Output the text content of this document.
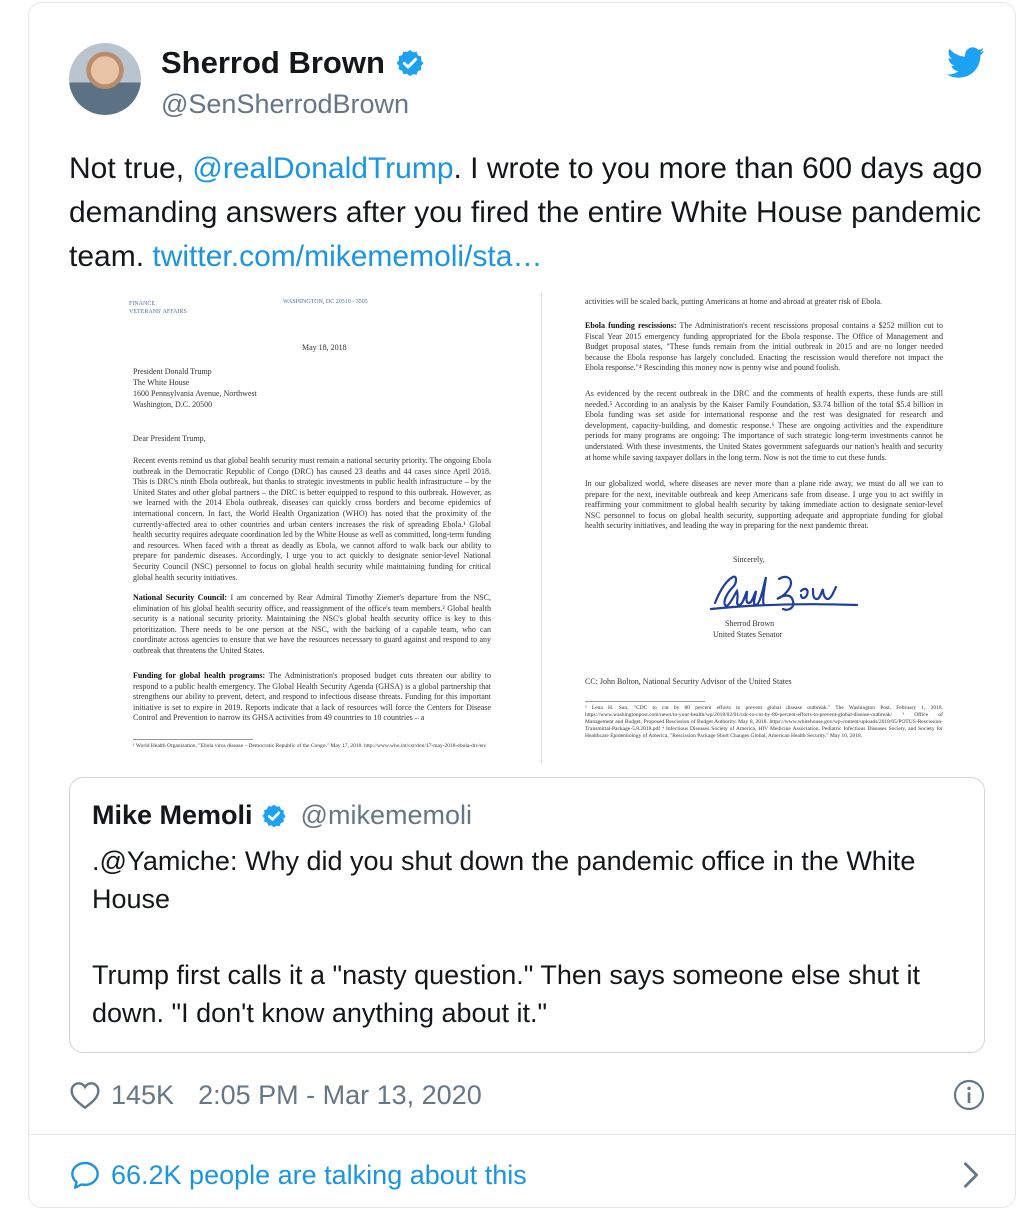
Sherrod Brown
@SenSherrodBrown
Not true, @realDonaldTrump. I wrote to you more than 600 days ago demanding answers after you fired the entire White House pandemic team. twitter.com/mikememoli/sta…
FINANCE
VETERANS' AFFAIRS
WASHINGTON, DC 20510 - 3505
May 18, 2018
President Donald Trump
The White House
1600 Pennsylvania Avenue, Northwest
Washington, D.C. 20500
Dear President Trump,
Recent events remind us that global health security must remain a national security priority. The ongoing Ebola outbreak in the Democratic Republic of Congo (DRC) has caused 23 deaths and 44 cases since April 2018. This is DRC's ninth Ebola outbreak, but thanks to strategic investments in public health infrastructure – by the United States and other global partners – the DRC is better equipped to respond to this outbreak. However, as we learned with the 2014 Ebola outbreak, diseases can quickly cross borders and become epidemics of international concern. In fact, the World Health Organization (WHO) has noted that the proximity of the currently-affected area to other countries and urban centers increases the risk of spreading Ebola.¹ Global health security requires adequate coordination led by the White House as well as committed, long-term funding and resources. When faced with a threat as deadly as Ebola, we cannot afford to walk back our ability to prepare for pandemic diseases. Accordingly, I urge you to act quickly to designate senior-level National Security Council (NSC) personnel to focus on global health security while maintaining funding for critical global health security initiatives.
National Security Council: I am concerned by Rear Admiral Timothy Ziemer's departure from the NSC, elimination of his global health security office, and reassignment of the office's team members.² Global health security is a national security priority. Maintaining the NSC's global health security office is key to this prioritization. There needs to be one person at the NSC, with the backing of a capable team, who can coordinate across agencies to ensure that we have the resources necessary to guard against and respond to any outbreak that threatens the United States.
Funding for global health programs: The Administration's proposed budget cuts threaten our ability to respond to a public health emergency. The Global Health Security Agenda (GHSA) is a global partnership that strengthens our ability to prevent, detect, and respond to infectious disease threats. Funding for this important initiative is set to expire in 2019. Reports indicate that a lack of resources will force the Centers for Disease Control and Prevention to narrow its GHSA activities from 49 countries to 10 countries – a
¹ World Health Organization, "Ebola virus disease – Democratic Republic of the Congo." May 17, 2018. http://www.who.int/csr/don/17-may-2018-ebola-drc/en/
activities will be scaled back, putting Americans at home and abroad at greater risk of Ebola.
Ebola funding rescissions: The Administration's recent rescissions proposal contains a $252 million cut to Fiscal Year 2015 emergency funding appropriated for the Ebola response. The Office of Management and Budget proposal states, "These funds remain from the initial outbreak in 2015 and are no longer needed because the Ebola response has largely concluded. Enacting the rescission would therefore not impact the Ebola response."⁴ Rescinding this money now is penny wise and pound foolish.
As evidenced by the recent outbreak in the DRC and the comments of health experts, these funds are still needed.⁵ According to an analysis by the Kaiser Family Foundation, $3.74 billion of the total $5.4 billion in Ebola funding was set aside for international response and the rest was designated for research and development, capacity-building, and domestic response.⁶ These are ongoing activities and the expenditure periods for many programs are ongoing: The importance of such strategic long-term investments cannot be understated. With these investments, the United States government safeguards our nation's health and security at home while saving taxpayer dollars in the long term. Now is not the time to cut these funds.
In our globalized world, where diseases are never more than a plane ride away, we must do all we can to prepare for the next, inevitable outbreak and keep Americans safe from disease. I urge you to act swiftly in reaffirming your commitment to global health security by taking immediate action to designate senior-level NSC personnel to focus on global health security, supporting adequate and appropriate funding for global health security initiatives, and leading the way in preparing for the next pandemic threat.
Sincerely,
Sherrod Brown
United States Senator
CC: John Bolton, National Security Advisor of the United States
² Lena H. Sun, "CDC to cut by 80 percent efforts to prevent global disease outbreak." The Washington Post, February 1, 2018. https://www.washingtonpost.com/news/to-your-health/wp/2018/02/01/cdc-to-cut-by-80-percent-efforts-to-prevent-global-disease-outbreak/ ³ Office of Management and Budget, Proposed Rescission of Budget Authority. May 8, 2018. https://www.whitehouse.gov/wp-content/uploads/2018/05/POTUS-Rescission-Transmittal-Package-5.8.2018.pdf ⁴ Infectious Diseases Society of America, HIV Medicine Association, Pediatric Infectious Diseases Society, and Society for Healthcare Epidemiology of America, "Rescission Package Short Changes Global, American Health Security." May 10, 2018.
Mike Memoli @mikememoli
.@Yamiche: Why did you shut down the pandemic office in the White House

Trump first calls it a "nasty question." Then says someone else shut it down. "I don't know anything about it."
145K 2:05 PM - Mar 13, 2020
66.2K people are talking about this
